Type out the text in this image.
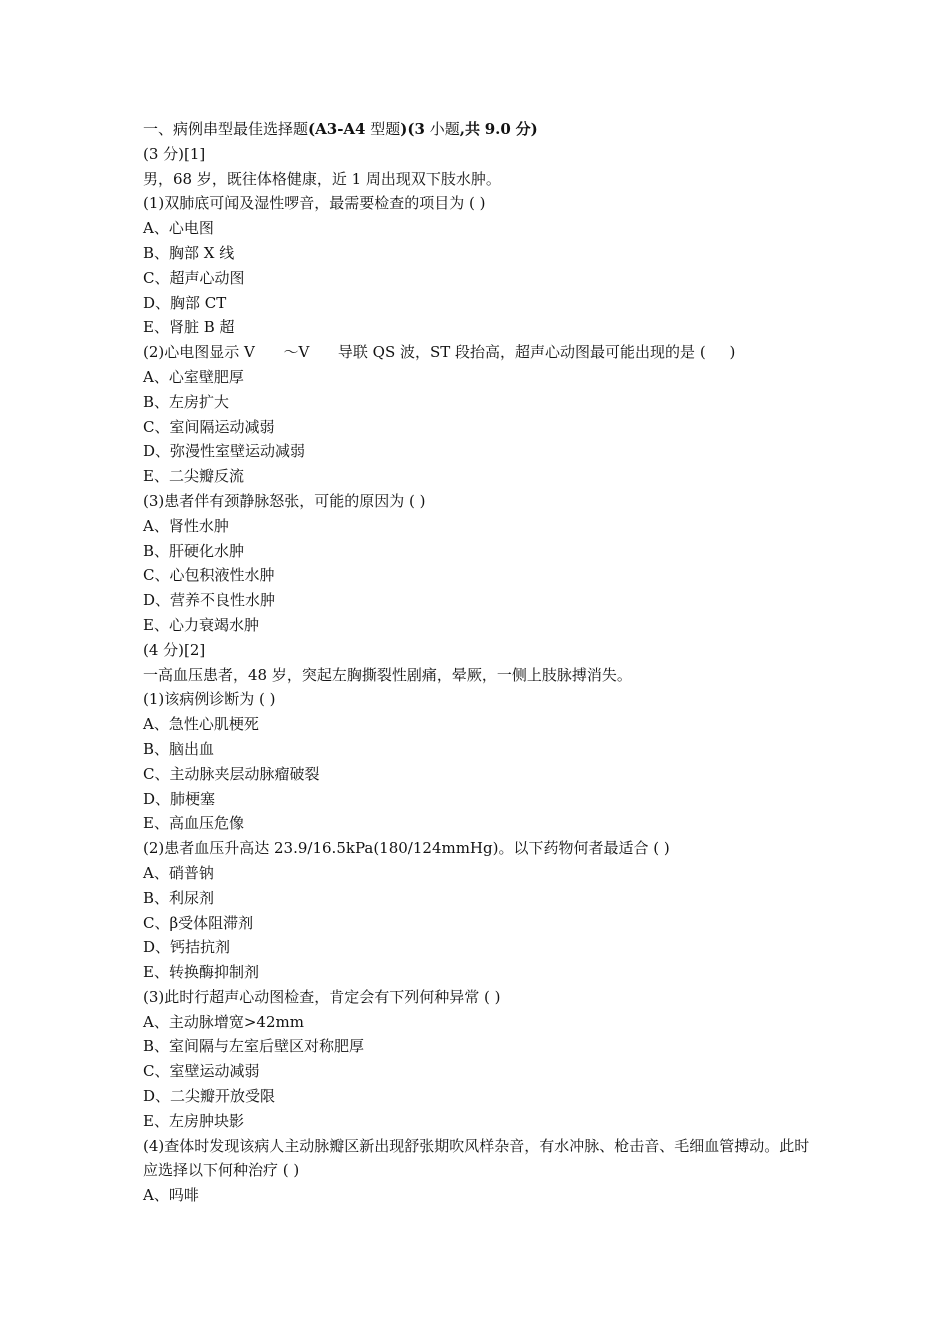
一、病例串型最佳选择题(A3-A4 型题)(3 小题,共 9.0 分)
(3 分)[1]
男，68 岁，既往体格健康，近 1 周出现双下肢水肿。
(1)双肺底可闻及湿性啰音，最需要检查的项目为 ( )
A、心电图
B、胸部 X 线
C、超声心动图
D、胸部 CT
E、肾脏 B 超
(2)心电图显示 V      ～V      导联 QS 波，ST 段抬高，超声心动图最可能出现的是 (     )
A、心室壁肥厚
B、左房扩大
C、室间隔运动减弱
D、弥漫性室壁运动减弱
E、二尖瓣反流
(3)患者伴有颈静脉怒张，可能的原因为 ( )
A、肾性水肿
B、肝硬化水肿
C、心包积液性水肿
D、营养不良性水肿
E、心力衰竭水肿
(4 分)[2]
一高血压患者，48 岁，突起左胸撕裂性剧痛，晕厥，一侧上肢脉搏消失。
(1)该病例诊断为 ( )
A、急性心肌梗死
B、脑出血
C、主动脉夹层动脉瘤破裂
D、肺梗塞
E、高血压危像
(2)患者血压升高达 23.9/16.5kPa(180/124mmHg)。以下药物何者最适合 ( )
A、硝普钠
B、利尿剂
C、β受体阻滞剂
D、钙拮抗剂
E、转换酶抑制剂
(3)此时行超声心动图检查，肯定会有下列何种异常 ( )
A、主动脉增宽>42mm
B、室间隔与左室后壁区对称肥厚
C、室壁运动减弱
D、二尖瓣开放受限
E、左房肿块影
(4)查体时发现该病人主动脉瓣区新出现舒张期吹风样杂音，有水冲脉、枪击音、毛细血管搏动。此时应选择以下何种治疗 ( )
A、吗啡
